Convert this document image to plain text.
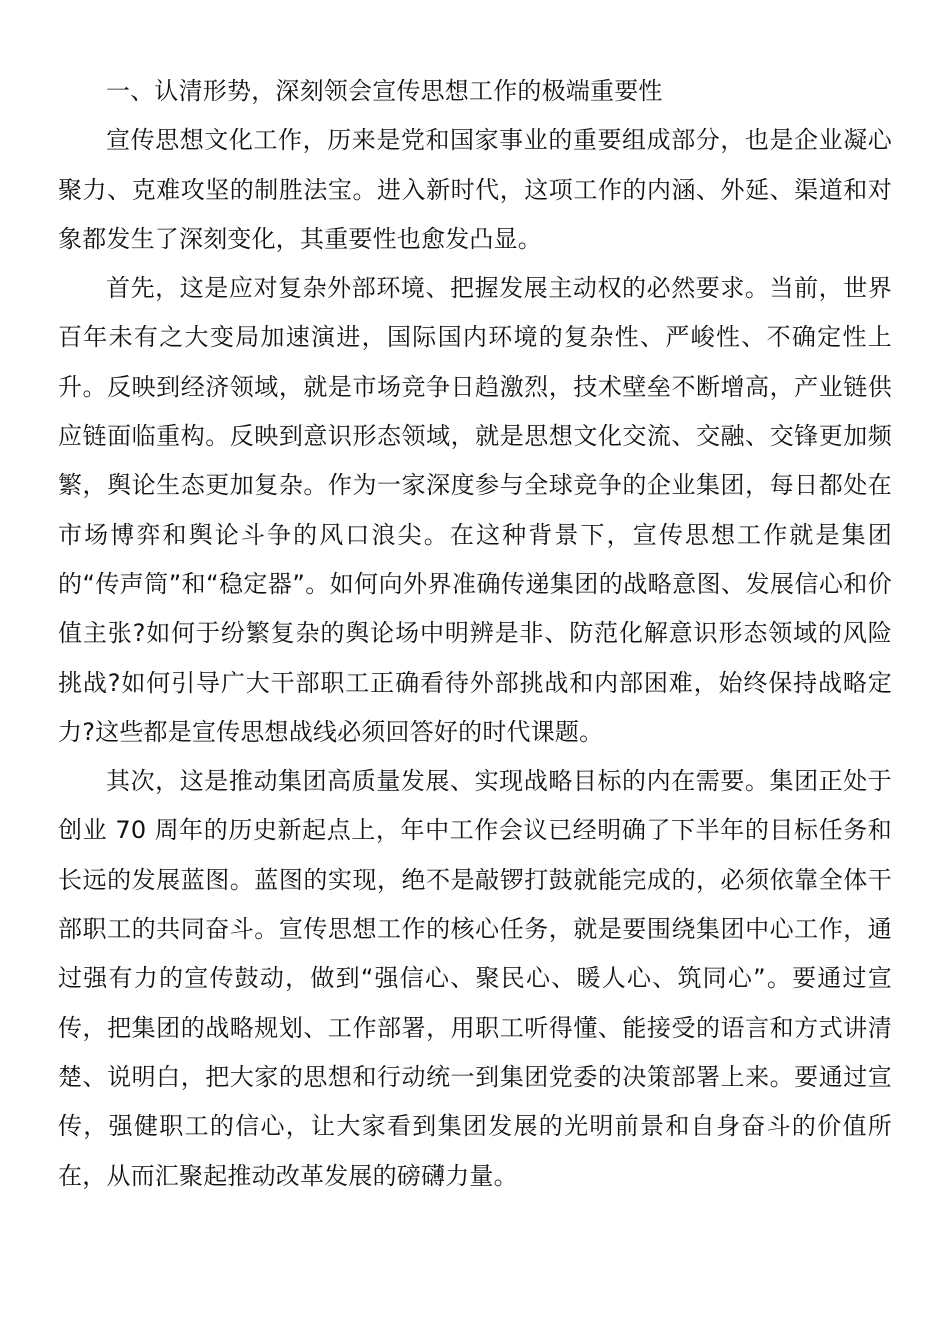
一、认清形势，深刻领会宣传思想工作的极端重要性

宣传思想文化工作，历来是党和国家事业的重要组成部分，也是企业凝心聚力、克难攻坚的制胜法宝。进入新时代，这项工作的内涵、外延、渠道和对象都发生了深刻变化，其重要性也愈发凸显。

首先，这是应对复杂外部环境、把握发展主动权的必然要求。当前，世界百年未有之大变局加速演进，国际国内环境的复杂性、严峻性、不确定性上升。反映到经济领域，就是市场竞争日趋激烈，技术壁垒不断增高，产业链供应链面临重构。反映到意识形态领域，就是思想文化交流、交融、交锋更加频繁，舆论生态更加复杂。作为一家深度参与全球竞争的企业集团，每日都处在市场博弈和舆论斗争的风口浪尖。在这种背景下，宣传思想工作就是集团的“传声筒”和“稳定器”。如何向外界准确传递集团的战略意图、发展信心和价值主张?如何于纷繁复杂的舆论场中明辨是非、防范化解意识形态领域的风险挑战?如何引导广大干部职工正确看待外部挑战和内部困难，始终保持战略定力?这些都是宣传思想战线必须回答好的时代课题。

其次，这是推动集团高质量发展、实现战略目标的内在需要。集团正处于创业 70 周年的历史新起点上，年中工作会议已经明确了下半年的目标任务和长远的发展蓝图。蓝图的实现，绝不是敲锣打鼓就能完成的，必须依靠全体干部职工的共同奋斗。宣传思想工作的核心任务，就是要围绕集团中心工作，通过强有力的宣传鼓动，做到“强信心、聚民心、暖人心、筑同心”。要通过宣传，把集团的战略规划、工作部署，用职工听得懂、能接受的语言和方式讲清楚、说明白，把大家的思想和行动统一到集团党委的决策部署上来。要通过宣传，强健职工的信心，让大家看到集团发展的光明前景和自身奋斗的价值所在，从而汇聚起推动改革发展的磅礴力量。
